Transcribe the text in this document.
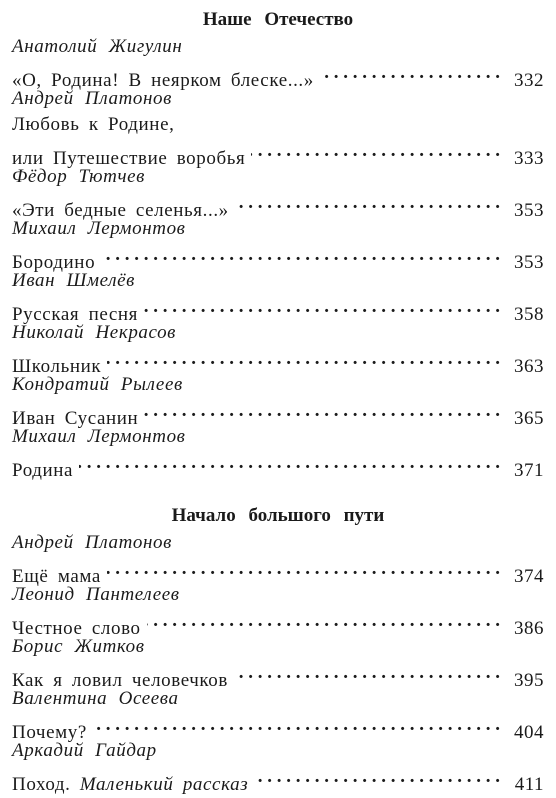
Наше Отечество
Анатолий Жигулин
«О, Родина! В неярком блеске...» . . .	332
Андрей Платонов
Любовь к Родине,
или Путешествие воробья . . .	333
Фёдор Тютчев
«Эти бедные селенья...» . . .	353
Михаил Лермонтов
Бородино . . .	353
Иван Шмелёв
Русская песня . . .	358
Николай Некрасов
Школьник . . .	363
Кондратий Рылеев
Иван Сусанин . . .	365
Михаил Лермонтов
Родина . . .	371
Начало большого пути
Андрей Платонов
Ещё мама . . .	374
Леонид Пантелеев
Честное слово . . .	386
Борис Житков
Как я ловил человечков . . .	395
Валентина Осеева
Почему? . . .	404
Аркадий Гайдар
Поход. Маленький рассказ . . .	411
